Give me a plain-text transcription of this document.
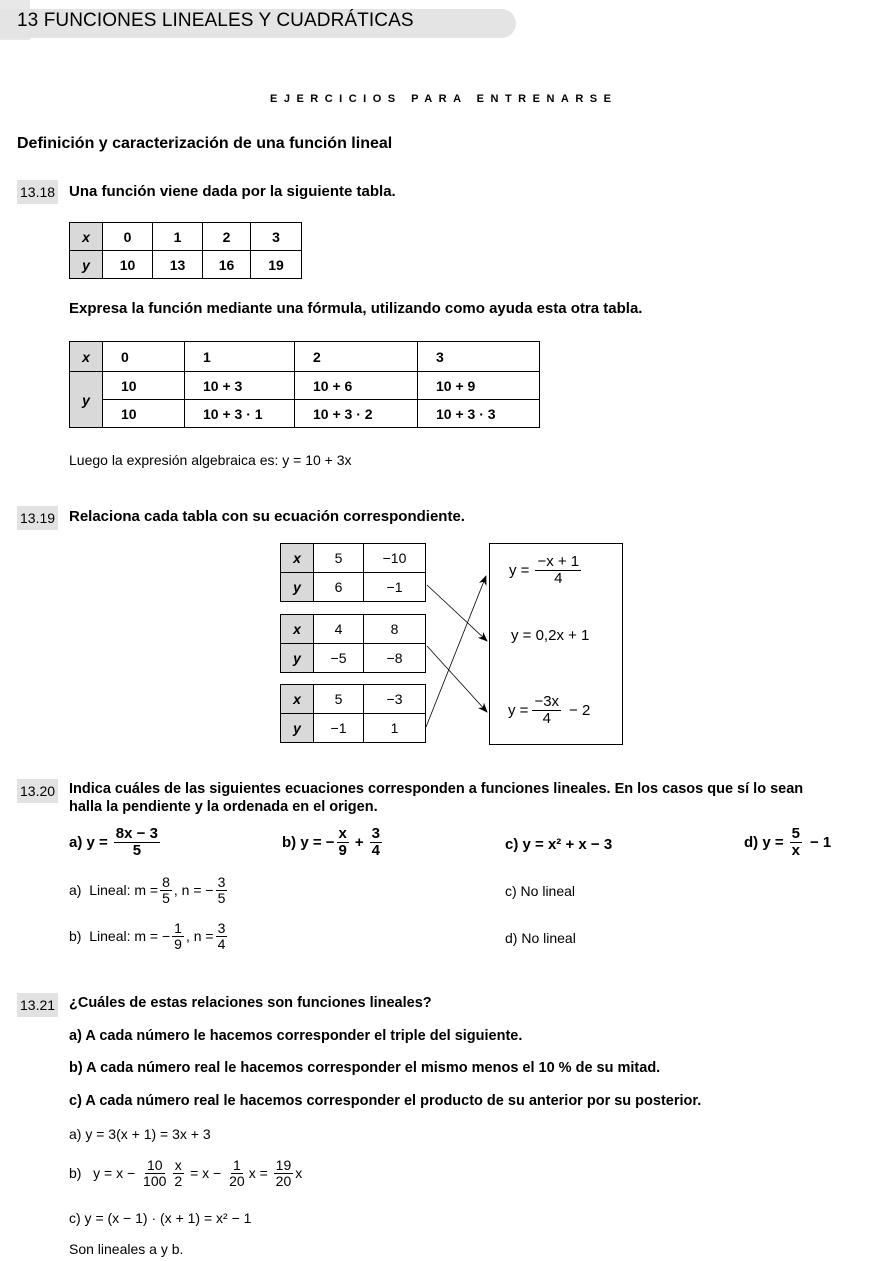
13 FUNCIONES LINEALES Y CUADRÁTICAS
EJERCICIOS PARA ENTRENARSE
Definición y caracterización de una función lineal
13.18 Una función viene dada por la siguiente tabla.
x	0	1	2	3
y	10	13	16	19
Expresa la función mediante una fórmula, utilizando como ayuda esta otra tabla.
x	0	1	2	3
y	10	10 + 3	10 + 6	10 + 9
	10	10 + 3 · 1	10 + 3 · 2	10 + 3 · 3
Luego la expresión algebraica es: y = 10 + 3x
13.19 Relaciona cada tabla con su ecuación correspondiente.
x	5	−10
y	6	−1
x	4	8
y	−5	−8
x	5	−3
y	−1	1
$y = \frac{-x + 1}{4}$
y = 0,2x + 1
$y = \frac{-3x}{4} - 2$
13.20 Indica cuáles de las siguientes ecuaciones corresponden a funciones lineales. En los casos que sí lo sean
halla la pendiente y la ordenada en el origen.
a)
$y = \frac{8x - 3}{5}$	b)
y = − $\frac{x}{9} + \frac{3}{4}$	c)
y = x² + x − 3	d)
$y = \frac{5}{x} - 1$
a)
Lineal: $m = \frac{8}{5}$ , n = − $\frac{3}{5}$
b)
Lineal: m = − $\frac{1}{9}$ , $n = \frac{3}{4}$
c) No lineal
d) No lineal
13.21 ¿Cuáles de estas relaciones son funciones lineales?
a) A cada número le hacemos corresponder el triple del siguiente.
b) A cada número real le hacemos corresponder el mismo menos el 10 % de su mitad.
c) A cada número real le hacemos corresponder el producto de su anterior por su posterior.
a) y = 3(x + 1) = 3x + 3
b)
y = x −
$\frac{10}{100} \frac{x}{2}$
= x −
$\frac{1}{20}$ x =
$\frac{19}{20}$ x
c) y = (x − 1) · (x + 1) = x² − 1
Son lineales a y b.
